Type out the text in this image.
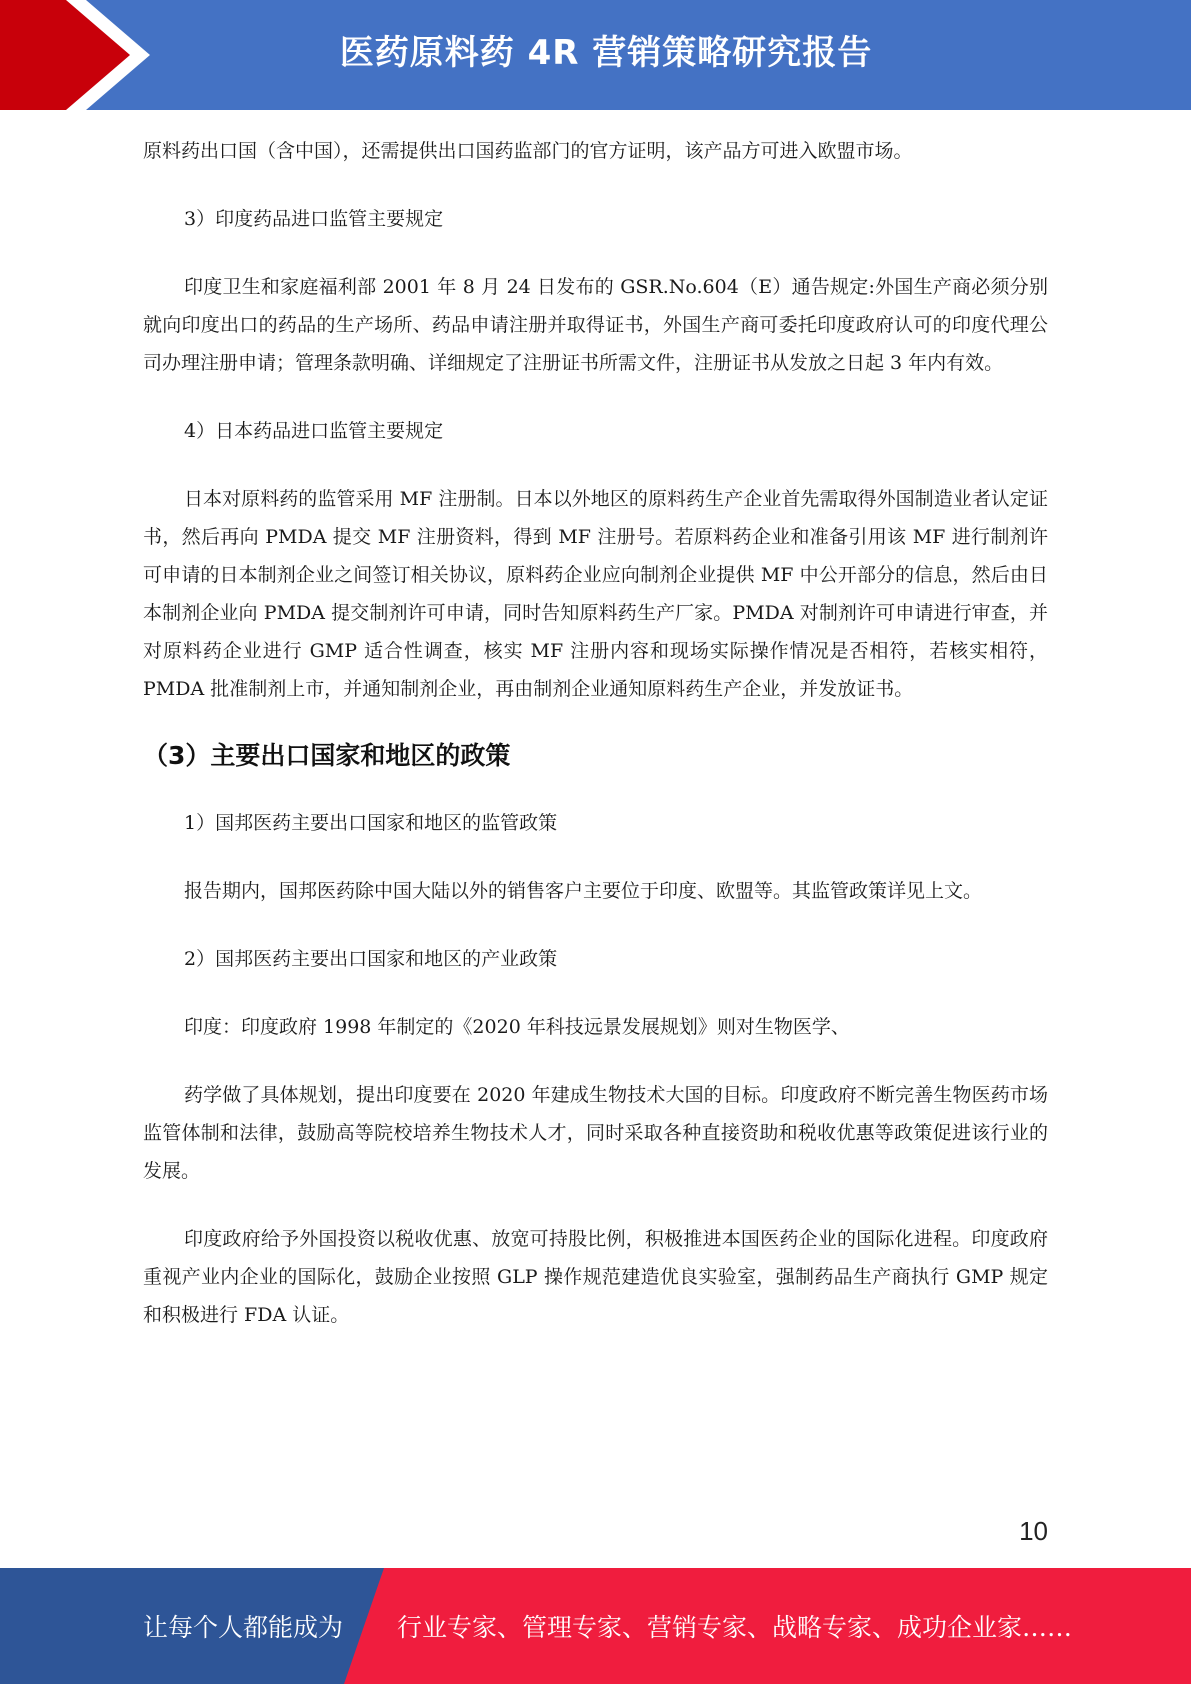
医药原料药 4R 营销策略研究报告

原料药出口国（含中国），还需提供出口国药监部门的官方证明，该产品方可进入欧盟市场。

3）印度药品进口监管主要规定

印度卫生和家庭福利部 2001 年 8 月 24 日发布的 GSR.No.604（E）通告规定:外国生产商必须分别就向印度出口的药品的生产场所、药品申请注册并取得证书，外国生产商可委托印度政府认可的印度代理公司办理注册申请；管理条款明确、详细规定了注册证书所需文件，注册证书从发放之日起 3 年内有效。

4）日本药品进口监管主要规定

日本对原料药的监管采用 MF 注册制。日本以外地区的原料药生产企业首先需取得外国制造业者认定证书，然后再向 PMDA 提交 MF 注册资料，得到 MF 注册号。若原料药企业和准备引用该 MF 进行制剂许可申请的日本制剂企业之间签订相关协议，原料药企业应向制剂企业提供 MF 中公开部分的信息，然后由日本制剂企业向 PMDA 提交制剂许可申请，同时告知原料药生产厂家。PMDA 对制剂许可申请进行审查，并对原料药企业进行 GMP 适合性调查，核实 MF 注册内容和现场实际操作情况是否相符，若核实相符，PMDA 批准制剂上市，并通知制剂企业，再由制剂企业通知原料药生产企业，并发放证书。

（3）主要出口国家和地区的政策

1）国邦医药主要出口国家和地区的监管政策

报告期内，国邦医药除中国大陆以外的销售客户主要位于印度、欧盟等。其监管政策详见上文。

2）国邦医药主要出口国家和地区的产业政策

印度：印度政府 1998 年制定的《2020 年科技远景发展规划》则对生物医学、

药学做了具体规划，提出印度要在 2020 年建成生物技术大国的目标。印度政府不断完善生物医药市场监管体制和法律，鼓励高等院校培养生物技术人才，同时采取各种直接资助和税收优惠等政策促进该行业的发展。

印度政府给予外国投资以税收优惠、放宽可持股比例，积极推进本国医药企业的国际化进程。印度政府重视产业内企业的国际化，鼓励企业按照 GLP 操作规范建造优良实验室，强制药品生产商执行 GMP 规定和积极进行 FDA 认证。

10
让每个人都能成为 行业专家、管理专家、营销专家、战略专家、成功企业家……
